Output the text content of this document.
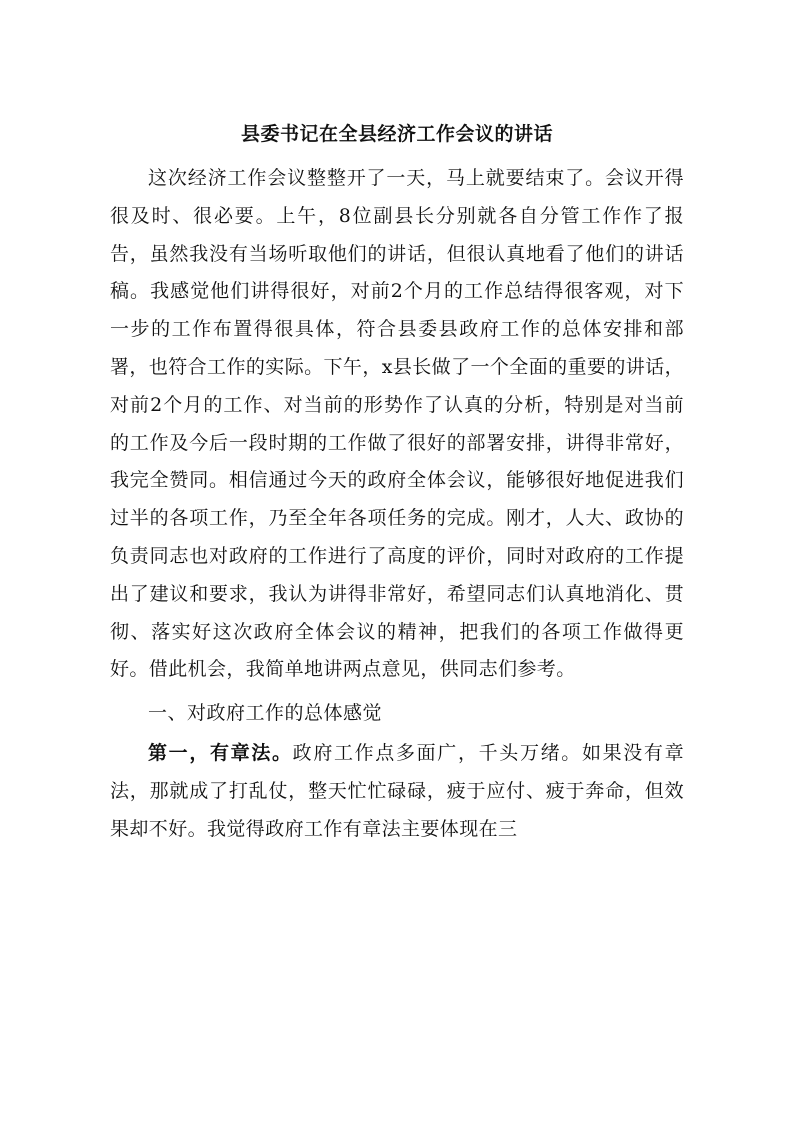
县委书记在全县经济工作会议的讲话

这次经济工作会议整整开了一天，马上就要结束了。会议开得很及时、很必要。上午，8位副县长分别就各自分管工作作了报告，虽然我没有当场听取他们的讲话，但很认真地看了他们的讲话稿。我感觉他们讲得很好，对前2个月的工作总结得很客观，对下一步的工作布置得很具体，符合县委县政府工作的总体安排和部署，也符合工作的实际。下午，x县长做了一个全面的重要的讲话，对前2个月的工作、对当前的形势作了认真的分析，特别是对当前的工作及今后一段时期的工作做了很好的部署安排，讲得非常好，我完全赞同。相信通过今天的政府全体会议，能够很好地促进我们过半的各项工作，乃至全年各项任务的完成。刚才，人大、政协的负责同志也对政府的工作进行了高度的评价，同时对政府的工作提出了建议和要求，我认为讲得非常好，希望同志们认真地消化、贯彻、落实好这次政府全体会议的精神，把我们的各项工作做得更好。借此机会，我简单地讲两点意见，供同志们参考。

一、对政府工作的总体感觉

第一，有章法。政府工作点多面广，千头万绪。如果没有章法，那就成了打乱仗，整天忙忙碌碌，疲于应付、疲于奔命，但效果却不好。我觉得政府工作有章法主要体现在三
